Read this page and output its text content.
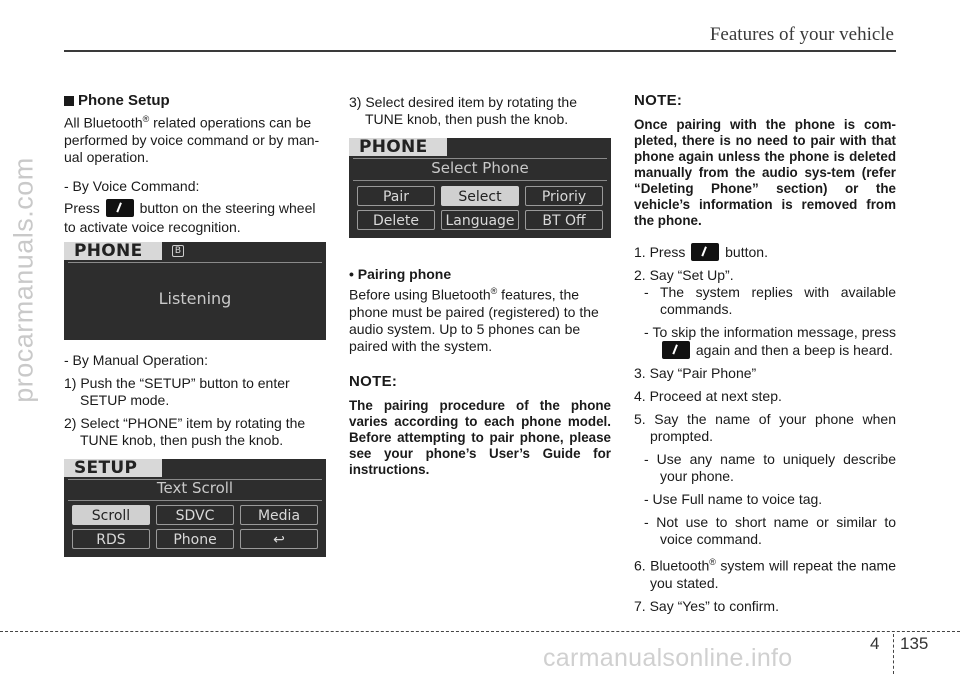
procarmanuals.com
carmanualsonline.info
Features of your vehicle
Phone Setup
All Bluetooth® related operations can be
performed by voice command or by man-
ual operation.
- By Voice Command:
Press	button on the steering wheel
to activate voice recognition.
PHONE	B
Listening
- By Manual Operation:
1) Push the “SETUP” button to enter
SETUP mode.
2) Select “PHONE” item by rotating the
TUNE knob, then push the knob.
SETUP
Text Scroll
Scroll	SDVC	Media
RDS	Phone	↩
3) Select desired item by rotating the
TUNE knob, then push the knob.
PHONE
Select Phone
Pair	Select	Prioriy
Delete	Language	BT Off
• Pairing phone
Before using Bluetooth® features, the
phone must be paired (registered) to the
audio system. Up to 5 phones can be
paired with the system.
NOTE:
The pairing procedure of the phone varies according to each phone model. Before attempting to pair phone, please see your phone’s User’s Guide for instructions.
NOTE:
Once pairing with the phone is com-pleted, there is no need to pair with that phone again unless the phone is deleted manually from the audio sys-tem (refer “Deleting Phone” section) or the vehicle’s information is removed from the phone.
1. Press	button.
2. Say “Set Up”.
- The system replies with available commands.
- To skip the information message, press  again and then a beep is heard.
3. Say “Pair Phone”
4. Proceed at next step.
5. Say the name of your phone when prompted.
- Use any name to uniquely describe your phone.
- Use Full name to voice tag.
- Not use to short name or similar to voice command.
6. Bluetooth® system will repeat the name you stated.
7. Say “Yes” to confirm.
4 135
